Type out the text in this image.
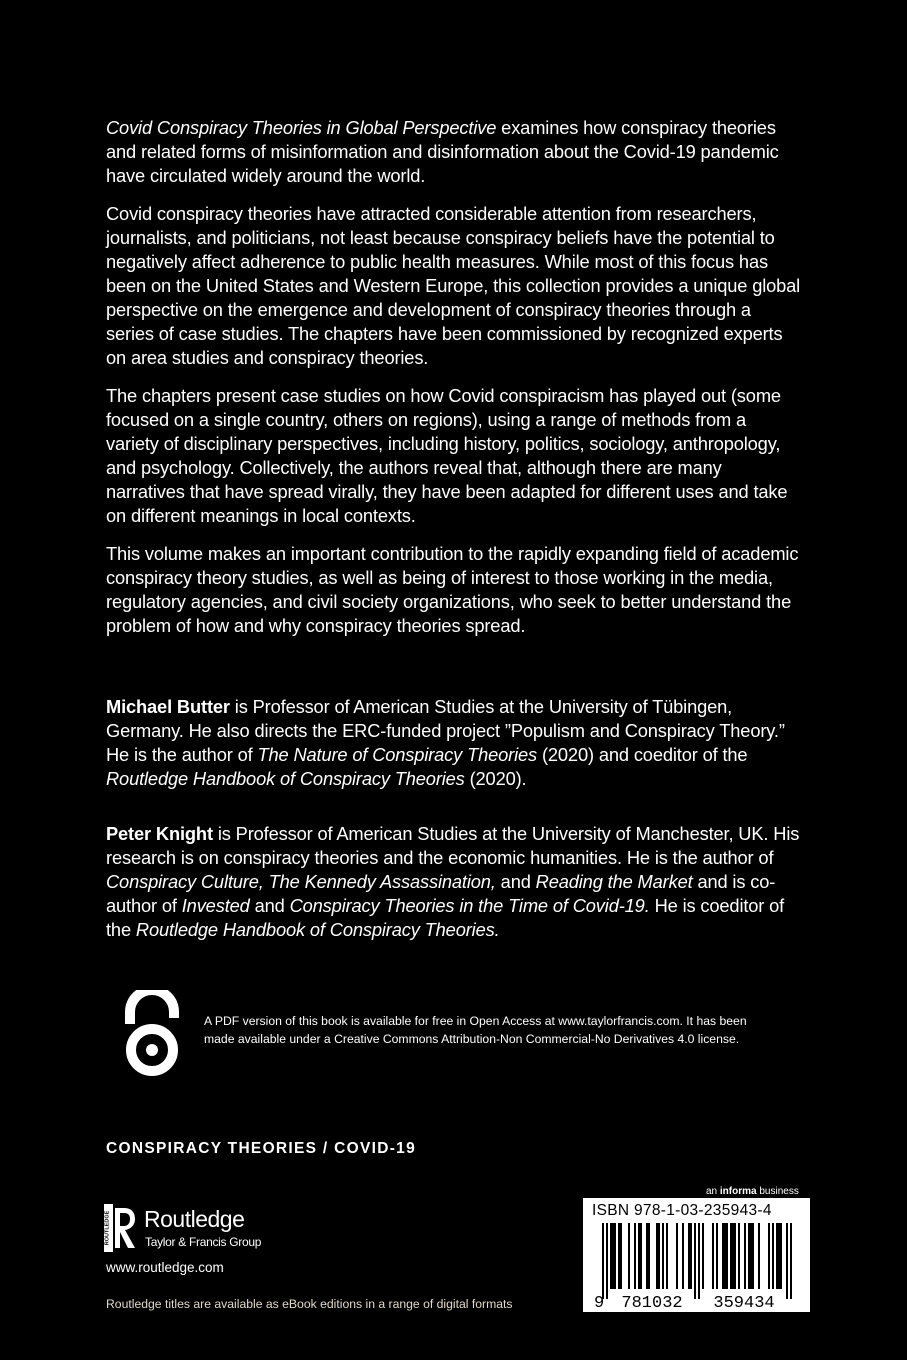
Covid Conspiracy Theories in Global Perspective examines how conspiracy theories and related forms of misinformation and disinformation about the Covid-19 pandemic have circulated widely around the world.

Covid conspiracy theories have attracted considerable attention from researchers, journalists, and politicians, not least because conspiracy beliefs have the potential to negatively affect adherence to public health measures. While most of this focus has been on the United States and Western Europe, this collection provides a unique global perspective on the emergence and development of conspiracy theories through a series of case studies. The chapters have been commissioned by recognized experts on area studies and conspiracy theories.

The chapters present case studies on how Covid conspiracism has played out (some focused on a single country, others on regions), using a range of methods from a variety of disciplinary perspectives, including history, politics, sociology, anthropology, and psychology. Collectively, the authors reveal that, although there are many narratives that have spread virally, they have been adapted for different uses and take on different meanings in local contexts.

This volume makes an important contribution to the rapidly expanding field of academic conspiracy theory studies, as well as being of interest to those working in the media, regulatory agencies, and civil society organizations, who seek to better understand the problem of how and why conspiracy theories spread.

Michael Butter is Professor of American Studies at the University of Tübingen, Germany. He also directs the ERC-funded project ”Populism and Conspiracy Theory.” He is the author of The Nature of Conspiracy Theories (2020) and coeditor of the Routledge Handbook of Conspiracy Theories (2020).

Peter Knight is Professor of American Studies at the University of Manchester, UK. His research is on conspiracy theories and the economic humanities. He is the author of Conspiracy Culture, The Kennedy Assassination, and Reading the Market and is co-author of Invested and Conspiracy Theories in the Time of Covid-19. He is coeditor of the Routledge Handbook of Conspiracy Theories.

A PDF version of this book is available for free in Open Access at www.taylorfrancis.com. It has been made available under a Creative Commons Attribution-Non Commercial-No Derivatives 4.0 license.

CONSPIRACY THEORIES / COVID-19

ROUTLEDGE Routledge
Taylor & Francis Group

www.routledge.com

Routledge titles are available as eBook editions in a range of digital formats

an informa business

ISBN 978-1-03-235943-4
9 781032 359434
